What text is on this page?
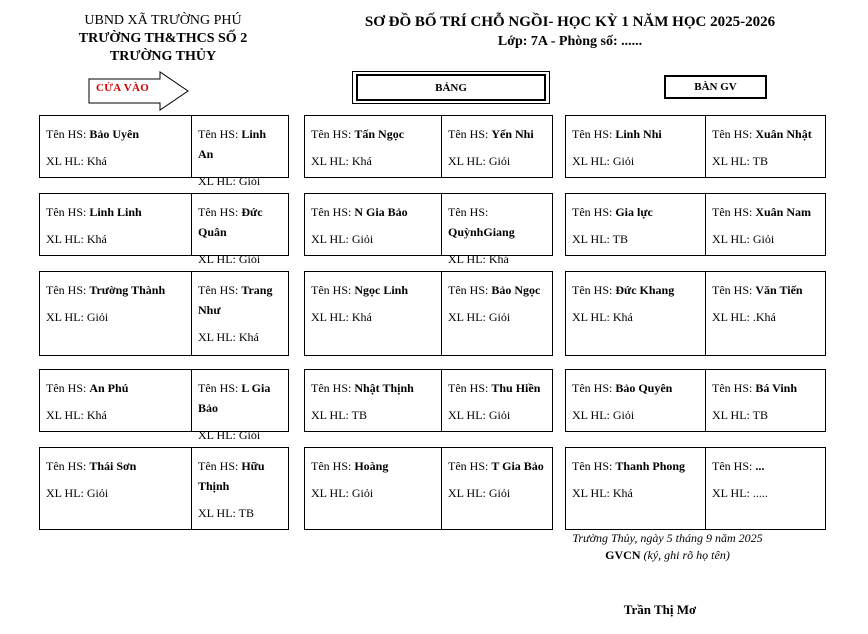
UBND XÃ TRƯỜNG PHÚ
TRƯỜNG TH&THCS SỐ 2
TRƯỜNG THỦY
SƠ ĐỒ BỐ TRÍ CHỖ NGỒI- HỌC KỲ 1 NĂM HỌC 2025-2026
Lớp: 7A - Phòng số: ......
CỬA VÀO	BẢNG	BÀN GV
Tên HS: Bảo Uyên
XL HL: Khá
Tên HS: Linh An
XL HL: Giỏi
Tên HS: Tấn Ngọc
XL HL: Khá
Tên HS: Yến Nhi
XL HL: Giỏi
Tên HS: Linh Nhi
XL HL: Giỏi
Tên HS: Xuân Nhật
XL HL: TB
Tên HS: Linh Linh
XL HL: Khá
Tên HS: Đức Quân
XL HL: Giỏi
Tên HS: N Gia Bảo
XL HL: Giỏi
Tên HS: QuỳnhGiang
XL HL: Khá
Tên HS: Gia lực
XL HL: TB
Tên HS: Xuân Nam
XL HL: Giỏi
Tên HS: Trường Thành
XL HL: Giỏi
Tên HS: Trang Như
XL HL: Khá
Tên HS: Ngọc Linh
XL HL: Khá
Tên HS: Bảo Ngọc
XL HL: Giỏi
Tên HS: Đức Khang
XL HL: Khá
Tên HS: Văn Tiến
XL HL: .Khá
Tên HS: An Phú
XL HL: Khá
Tên HS: L Gia Bảo
XL HL: Giỏi
Tên HS: Nhật Thịnh
XL HL: TB
Tên HS: Thu Hiền
XL HL: Giỏi
Tên HS: Bảo Quyên
XL HL: Giỏi
Tên HS: Bá Vinh
XL HL: TB
Tên HS: Thái Sơn
XL HL: Giỏi
Tên HS: Hữu Thịnh
XL HL: TB
Tên HS: Hoàng
XL HL: Giỏi
Tên HS: T Gia Bảo
XL HL: Giỏi
Tên HS: Thanh Phong
XL HL: Khá
Tên HS: ...
XL HL: .....
Trường Thủy, ngày 5 tháng 9 năm 2025
GVCN (ký, ghi rõ họ tên)
Trần Thị Mơ
